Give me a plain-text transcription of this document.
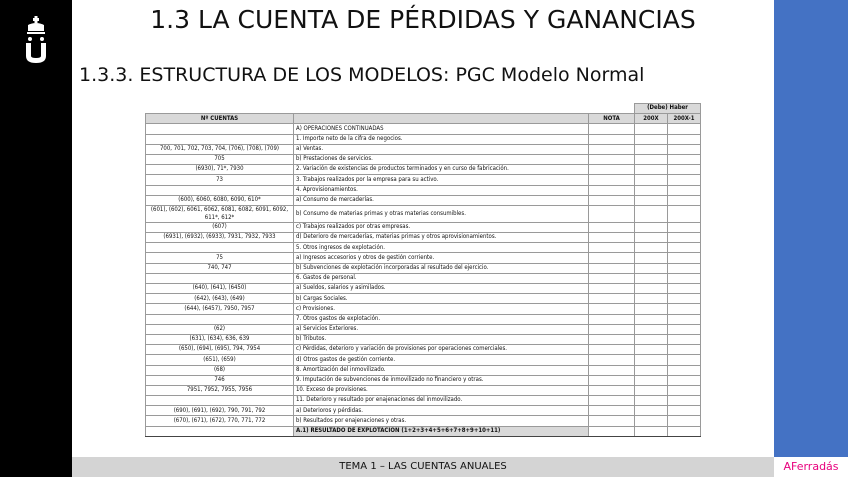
1.3 LA CUENTA DE PÉRDIDAS Y GANANCIAS
1.3.3. ESTRUCTURA DE LOS MODELOS: PGC Modelo Normal
			(Debe) Haber	
Nº CUENTAS		NOTA	200X	200X-1
	A) OPERACIONES CONTINUADAS			
	1. Importe neto de la cifra de negocios.			
700, 701, 702, 703, 704, (706), (708), (709)	a) Ventas.			
705	b) Prestaciones de servicios.			
(6930), 71*, 7930	2. Variación de existencias de productos terminados y en curso de fabricación.			
73	3. Trabajos realizados por la empresa para su activo.			
	4. Aprovisionamientos.			
(600), 6060, 6080, 6090, 610*	a) Consumo de mercaderías.			
(601), (602), 6061, 6062, 6081, 6082, 6091, 6092, 611*, 612*	b) Consumo de materias primas y otras materias consumibles.			
(607)	c) Trabajos realizados por otras empresas.			
(6931), (6932), (6933), 7931, 7932, 7933	d) Deterioro de mercaderías, materias primas y otros aprovisionamientos.			
	5. Otros ingresos de explotación.			
75	a) Ingresos accesorios y otros de gestión corriente.			
740, 747	b) Subvenciones de explotación incorporadas al resultado del ejercicio.			
	6. Gastos de personal.			
(640), (641), (6450)	a) Sueldos, salarios y asimilados.			
(642), (643), (649)	b) Cargas Sociales.			
(644), (6457), 7950, 7957	c) Provisiones.			
	7. Otros gastos de explotación.			
(62)	a) Servicios Exteriores.			
(631), (634), 636, 639	b) Tributos.			
(650), (694), (695), 794, 7954	c) Pérdidas, deterioro y variación de provisiones por operaciones comerciales.			
(651), (659)	d) Otros gastos de gestión corriente.			
(68)	8. Amortización del inmovilizado.			
746	9. Imputación de subvenciones de inmovilizado no financiero y otras.			
7951, 7952, 7955, 7956	10. Exceso de provisiones.			
	11. Deterioro y resultado por enajenaciones del inmovilizado.			
(690), (691), (692), 790, 791, 792	a) Deterioros y pérdidas.			
(670), (671), (672), 770, 771, 772	b) Resultados por enajenaciones y otras.			
	A.1) RESULTADO DE EXPLOTACIÓN (1+2+3+4+5+6+7+8+9+10+11)			
TEMA 1 – LAS CUENTAS ANUALES	AFerradás
